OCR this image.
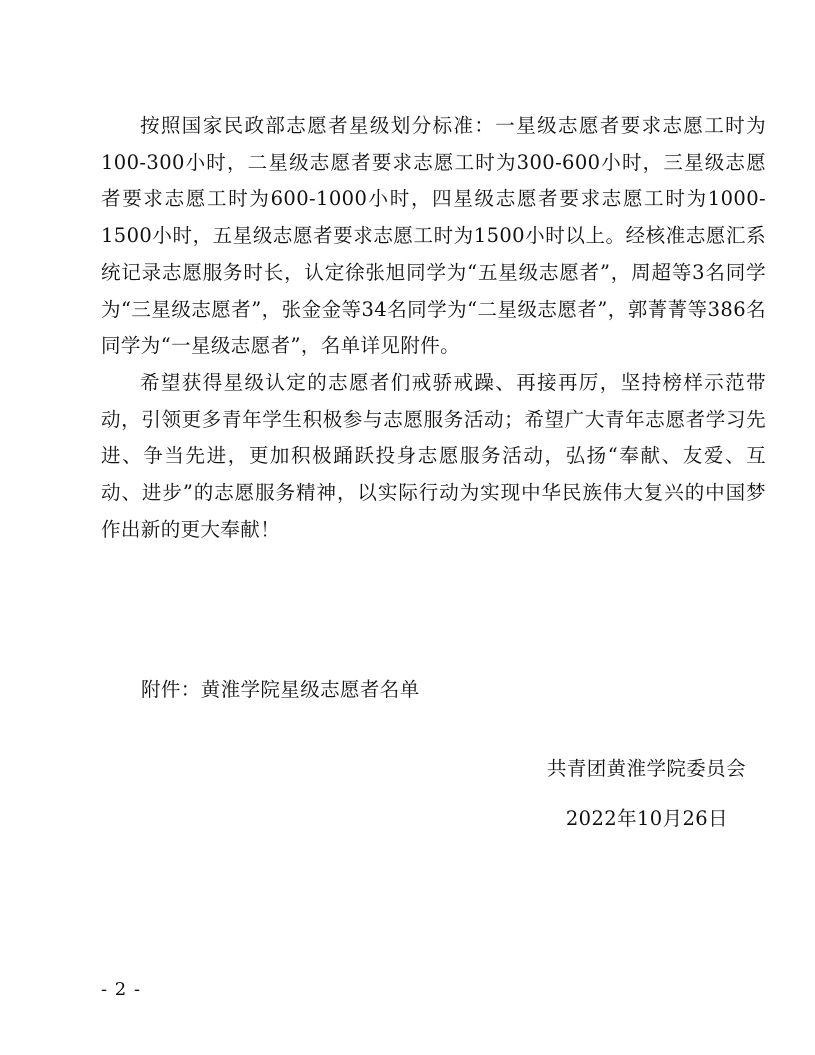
按照国家民政部志愿者星级划分标准：一星级志愿者要求志愿工时为100-300小时，二星级志愿者要求志愿工时为300-600小时，三星级志愿者要求志愿工时为600-1000小时，四星级志愿者要求志愿工时为1000-1500小时，五星级志愿者要求志愿工时为1500小时以上。经核准志愿汇系统记录志愿服务时长，认定徐张旭同学为“五星级志愿者”，周超等3名同学为“三星级志愿者”，张金金等34名同学为“二星级志愿者”，郭菁菁等386名同学为“一星级志愿者”，名单详见附件。

希望获得星级认定的志愿者们戒骄戒躁、再接再厉，坚持榜样示范带动，引领更多青年学生积极参与志愿服务活动；希望广大青年志愿者学习先进、争当先进，更加积极踊跃投身志愿服务活动，弘扬“奉献、友爱、互动、进步”的志愿服务精神，以实际行动为实现中华民族伟大复兴的中国梦作出新的更大奉献！

附件：黄淮学院星级志愿者名单
共青团黄淮学院委员会
2022年10月26日
- 2 -
